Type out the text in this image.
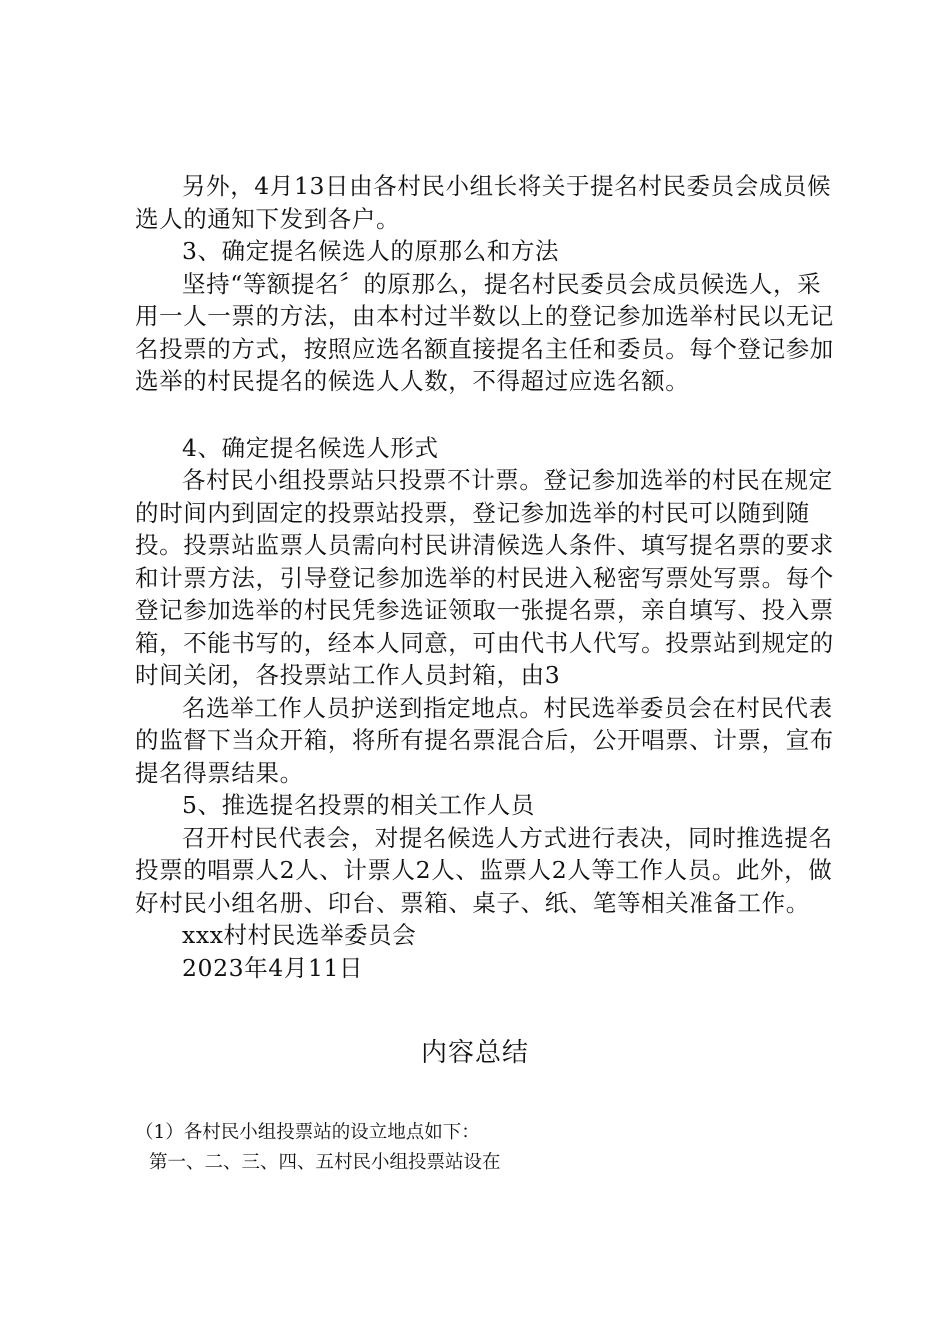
另外，4月13日由各村民小组长将关于提名村民委员会成员候选人的通知下发到各户。

3、确定提名候选人的原那么和方法

坚持“等额提名〞的原那么，提名村民委员会成员候选人，采用一人一票的方法，由本村过半数以上的登记参加选举村民以无记名投票的方式，按照应选名额直接提名主任和委员。每个登记参加选举的村民提名的候选人人数，不得超过应选名额。

4、确定提名候选人形式

各村民小组投票站只投票不计票。登记参加选举的村民在规定的时间内到固定的投票站投票，登记参加选举的村民可以随到随投。投票站监票人员需向村民讲清候选人条件、填写提名票的要求和计票方法，引导登记参加选举的村民进入秘密写票处写票。每个登记参加选举的村民凭参选证领取一张提名票，亲自填写、投入票箱，不能书写的，经本人同意，可由代书人代写。投票站到规定的时间关闭，各投票站工作人员封箱，由3

名选举工作人员护送到指定地点。村民选举委员会在村民代表的监督下当众开箱，将所有提名票混合后，公开唱票、计票，宣布提名得票结果。

5、推选提名投票的相关工作人员

召开村民代表会，对提名候选人方式进行表决，同时推选提名投票的唱票人2人、计票人2人、监票人2人等工作人员。此外，做好村民小组名册、印台、票箱、桌子、纸、笔等相关准备工作。

xxx村村民选举委员会

2023年4月11日

内容总结
（1）各村民小组投票站的设立地点如下：
第一、二、三、四、五村民小组投票站设在
